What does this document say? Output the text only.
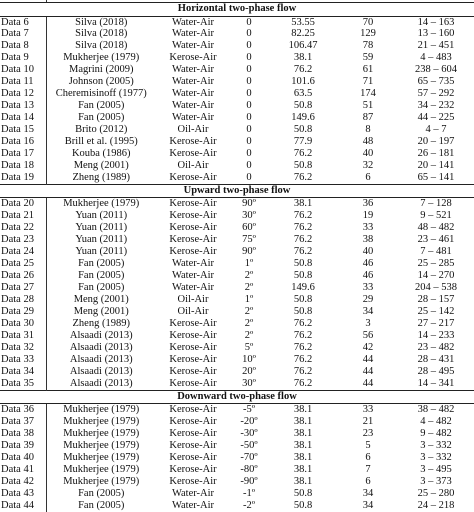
Horizontal two-phase flow						
Data 6	Silva (2018)	Water-Air	0	53.55	70	14 – 163
Data 7	Silva (2018)	Water-Air	0	82.25	129	13 – 160
Data 8	Silva (2018)	Water-Air	0	106.47	78	21 – 451
Data 9	Mukherjee (1979)	Kerose-Air	0	38.1	59	4 – 483
Data 10	Magrini (2009)	Water-Air	0	76.2	61	238 – 604
Data 11	Johnson (2005)	Water-Air	0	101.6	71	65 – 735
Data 12	Cheremisinoff (1977)	Water-Air	0	63.5	174	57 – 292
Data 13	Fan (2005)	Water-Air	0	50.8	51	34 – 232
Data 14	Fan (2005)	Water-Air	0	149.6	87	44 – 225
Data 15	Brito (2012)	Oil-Air	0	50.8	8	4 – 7
Data 16	Brill et al. (1995)	Kerose-Air	0	77.9	48	20 – 197
Data 17	Kouba (1986)	Kerose-Air	0	76.2	40	26 – 181
Data 18	Meng (2001)	Oil-Air	0	50.8	32	20 – 141
Data 19	Zheng (1989)	Kerose-Air	0	76.2	6	65 – 141
Upward two-phase flow						
Data 20	Mukherjee (1979)	Kerose-Air	90º	38.1	36	7 – 128
Data 21	Yuan (2011)	Kerose-Air	30º	76.2	19	9 – 521
Data 22	Yuan (2011)	Kerose-Air	60º	76.2	33	48 – 482
Data 23	Yuan (2011)	Kerose-Air	75º	76.2	38	23 – 461
Data 24	Yuan (2011)	Kerose-Air	90º	76.2	40	7 – 481
Data 25	Fan (2005)	Water-Air	1º	50.8	46	25 – 285
Data 26	Fan (2005)	Water-Air	2º	50.8	46	14 – 270
Data 27	Fan (2005)	Water-Air	2º	149.6	33	204 – 538
Data 28	Meng (2001)	Oil-Air	1º	50.8	29	28 – 157
Data 29	Meng (2001)	Oil-Air	2º	50.8	34	25 – 142
Data 30	Zheng (1989)	Kerose-Air	2º	76.2	3	27 – 217
Data 31	Alsaadi (2013)	Kerose-Air	2º	76.2	56	14 – 233
Data 32	Alsaadi (2013)	Kerose-Air	5º	76.2	42	23 – 482
Data 33	Alsaadi (2013)	Kerose-Air	10º	76.2	44	28 – 431
Data 34	Alsaadi (2013)	Kerose-Air	20º	76.2	44	28 – 495
Data 35	Alsaadi (2013)	Kerose-Air	30º	76.2	44	14 – 341
Downward two-phase flow						
Data 36	Mukherjee (1979)	Kerose-Air	-5º	38.1	33	38 – 482
Data 37	Mukherjee (1979)	Kerose-Air	-20º	38.1	21	4 – 482
Data 38	Mukherjee (1979)	Kerose-Air	-30º	38.1	23	9 – 482
Data 39	Mukherjee (1979)	Kerose-Air	-50º	38.1	5	3 – 332
Data 40	Mukherjee (1979)	Kerose-Air	-70º	38.1	6	3 – 332
Data 41	Mukherjee (1979)	Kerose-Air	-80º	38.1	7	3 – 495
Data 42	Mukherjee (1979)	Kerose-Air	-90º	38.1	6	3 – 373
Data 43	Fan (2005)	Water-Air	-1º	50.8	34	25 – 280
Data 44	Fan (2005)	Water-Air	-2º	50.8	34	24 – 218
